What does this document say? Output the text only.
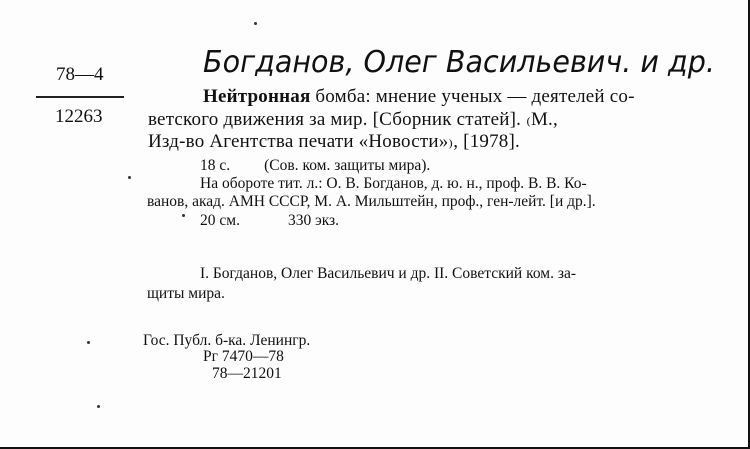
78—4
12263
Богданов, Олег Васильевич. и др.
Нейтронная бомба: мнение ученых — деятелей со-
ветского движения за мир. [Сборник статей]. ₍М.,
Изд-во Агентства печати «Новости»₎, [1978].
18 с. (Сов. ком. защиты мира).
На обороте тит. л.: О. В. Богданов, д. ю. н., проф. В. В. Ко-
ванов, акад. АМН СССР, М. А. Мильштейн, проф., ген-лейт. [и др.].
20 см.	330 экз.
I. Богданов, Олег Васильевич и др. II. Советский ком. за-
щиты мира.
Гос. Публ. б-ка. Ленингр.
Рг 7470—78
78—21201
